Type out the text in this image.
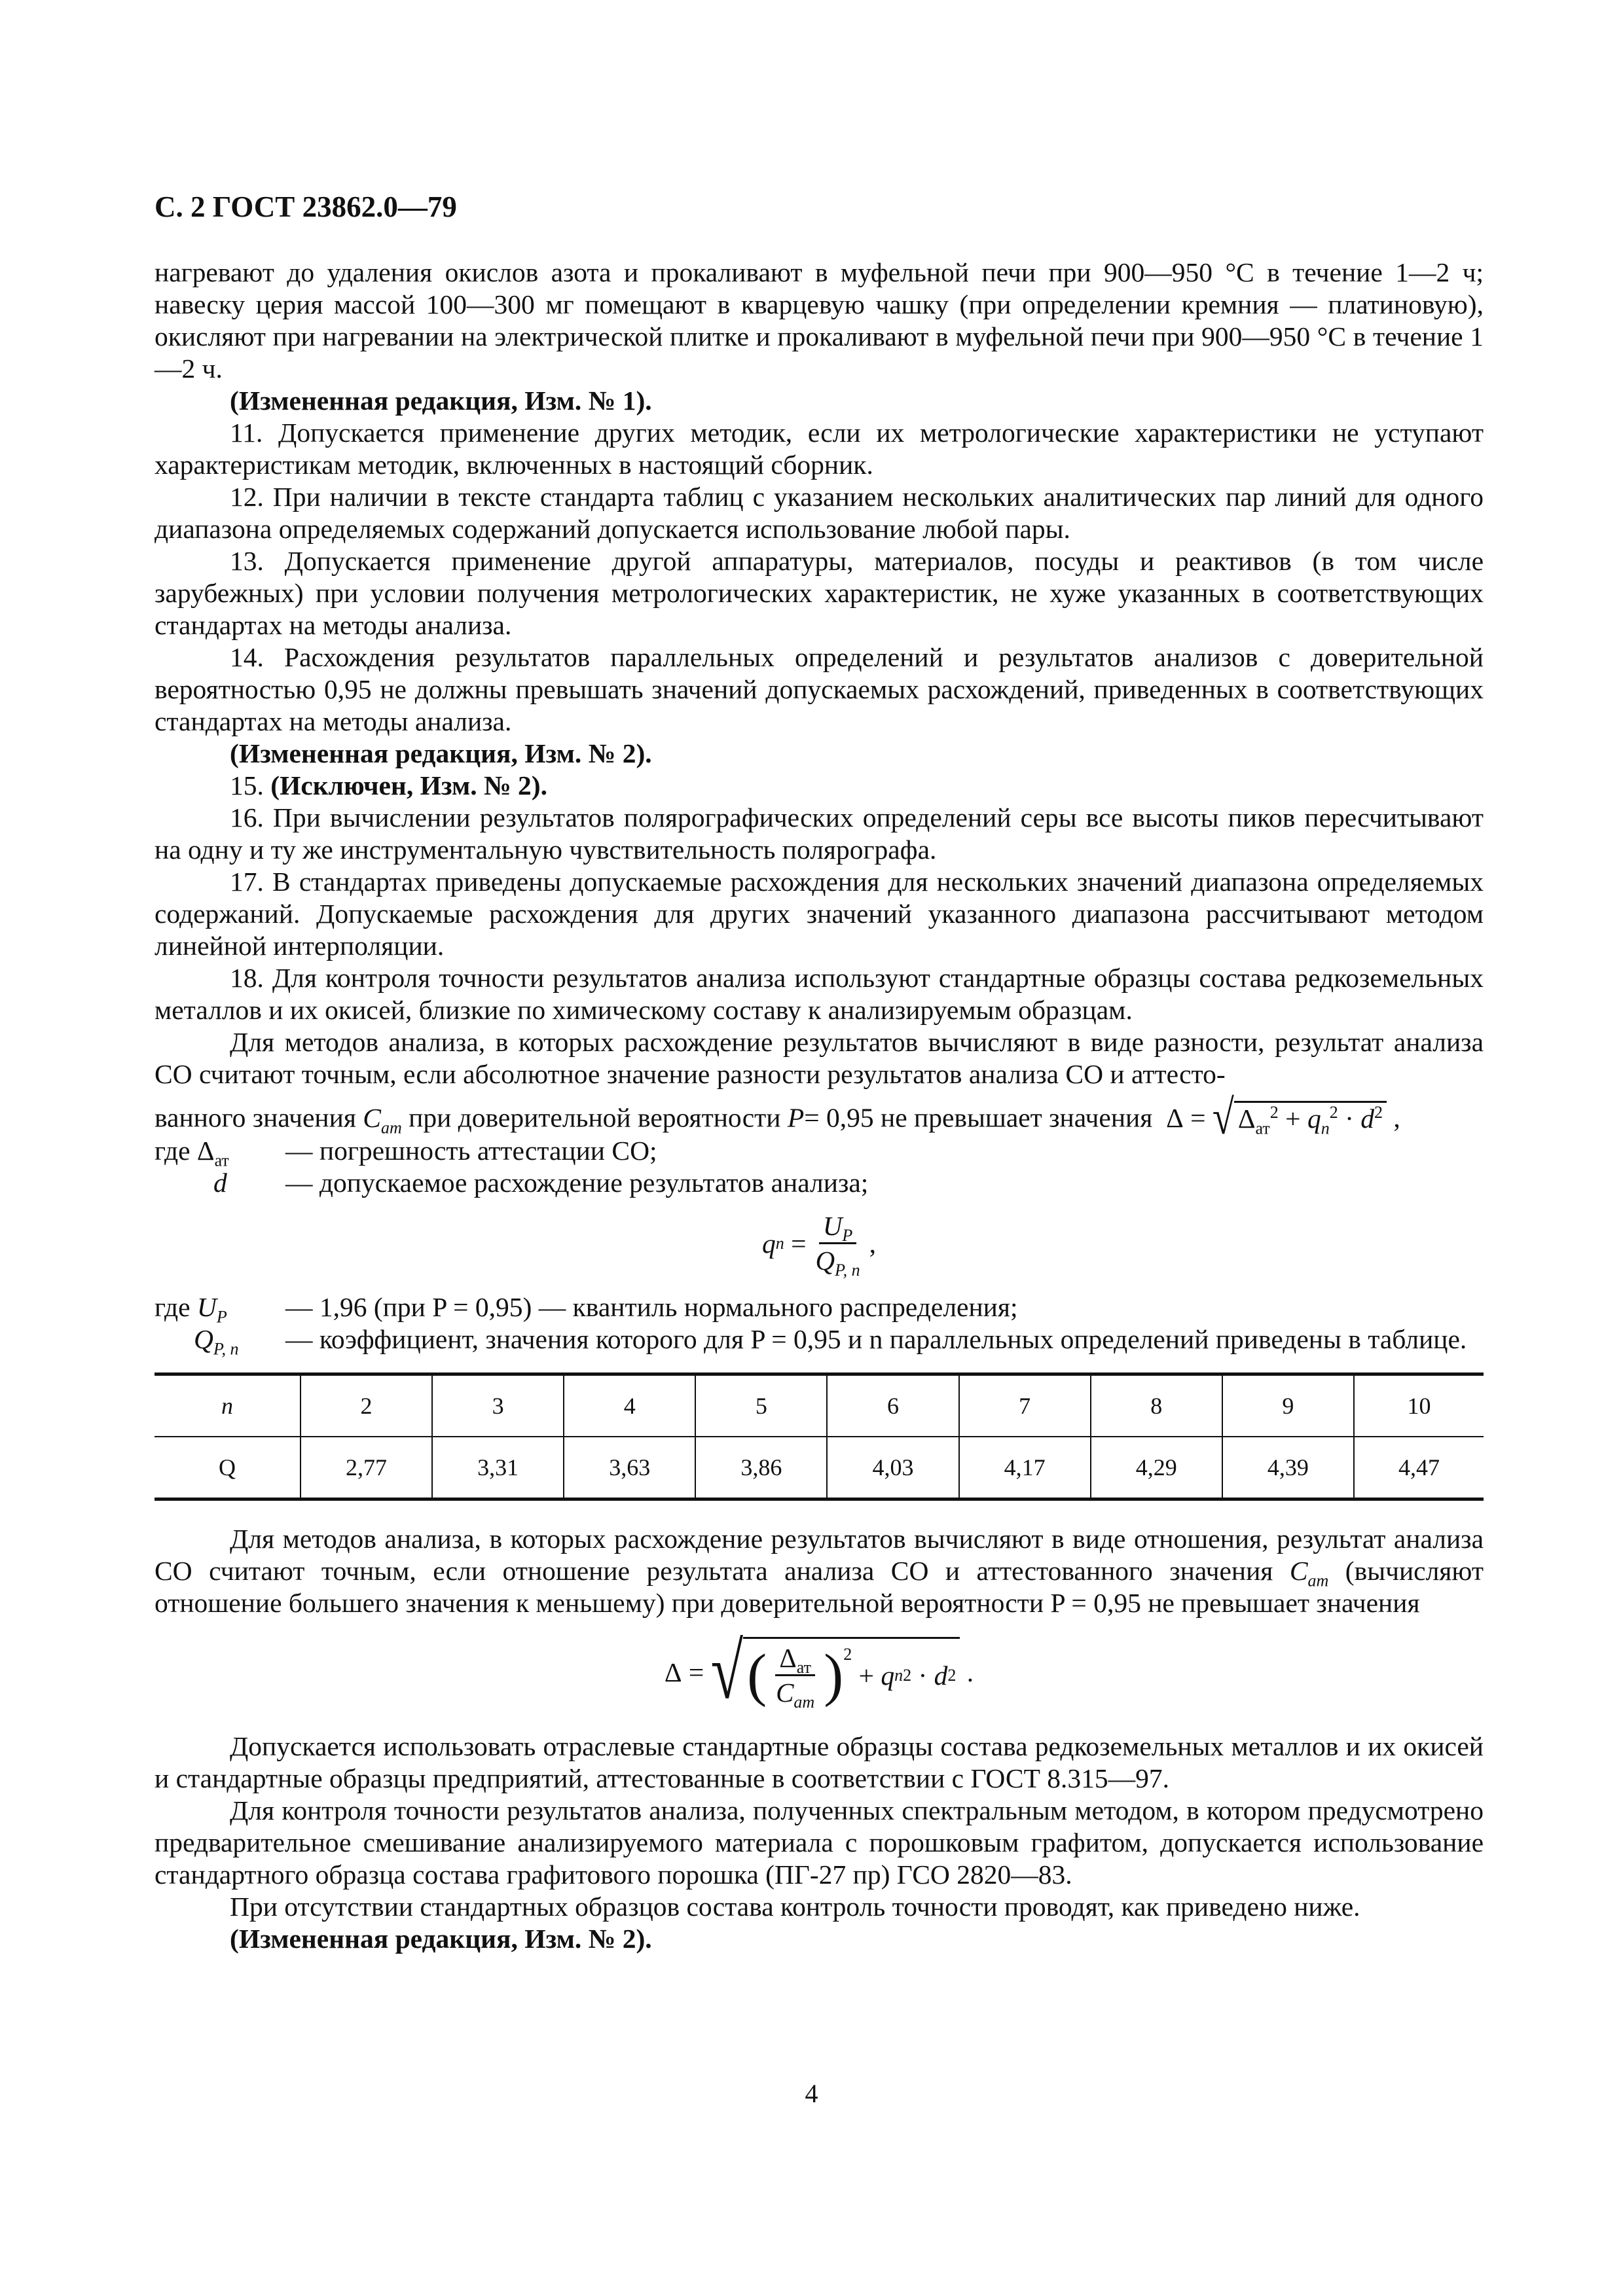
С. 2 ГОСТ 23862.0—79

нагревают до удаления окислов азота и прокаливают в муфельной печи при 900—950 °С в течение 1—2 ч; навеску церия массой 100—300 мг помещают в кварцевую чашку (при определении кремния — платиновую), окисляют при нагревании на электрической плитке и прокаливают в муфельной печи при 900—950 °С в течение 1—2 ч.

(Измененная редакция, Изм. № 1).

11. Допускается применение других методик, если их метрологические характеристики не уступают характеристикам методик, включенных в настоящий сборник.

12. При наличии в тексте стандарта таблиц с указанием нескольких аналитических пар линий для одного диапазона определяемых содержаний допускается использование любой пары.

13. Допускается применение другой аппаратуры, материалов, посуды и реактивов (в том числе зарубежных) при условии получения метрологических характеристик, не хуже указанных в соответствующих стандартах на методы анализа.

14. Расхождения результатов параллельных определений и результатов анализов с доверительной вероятностью 0,95 не должны превышать значений допускаемых расхождений, приведенных в соответствующих стандартах на методы анализа.

(Измененная редакция, Изм. № 2).

15. (Исключен, Изм. № 2).

16. При вычислении результатов полярографических определений серы все высоты пиков пересчитывают на одну и ту же инструментальную чувствительность полярографа.

17. В стандартах приведены допускаемые расхождения для нескольких значений диапазона определяемых содержаний. Допускаемые расхождения для других значений указанного диапазона рассчитывают методом линейной интерполяции.

18. Для контроля точности результатов анализа используют стандартные образцы состава редкоземельных металлов и их окисей, близкие по химическому составу к анализируемым образцам.

Для методов анализа, в которых расхождение результатов вычисляют в виде разности, результат анализа СО считают точным, если абсолютное значение разности результатов анализа СО и аттесто-

ванного значения $C_{ат}$ при доверительной вероятности P= 0,95 не превышает значения Δ = √ $\Delta_{ат}^2 + q_n^2 \cdot d^2$ ,

где $\Delta_{ат}$	— погрешность аттестации СО;
d	— допускаемое расхождение результатов анализа;
q $n = \frac{U_P}{Q_{P, n}}$ ,
где $U_P$	— 1,96 (при P = 0,95) — квантиль нормального распределения;
$Q_{P, n}$	— коэффициент, значения которого для P = 0,95 и n параллельных определений приведены в таблице.
n	2	3	4	5	6	7	8	9	10
Q	2,77	3,31	3,63	3,86	4,03	4,17	4,29	4,39	4,47

Для методов анализа, в которых расхождение результатов вычисляют в виде отношения, результат анализа СО считают точным, если отношение результата анализа СО и аттестованного значения $C_{ат}$ (вычисляют отношение большего значения к меньшему) при доверительной вероятности P = 0,95 не превышает значения

Δ = √ ( $\frac{\Delta_{ат}}{C_{ат}} )^2$
+ q n 2 · d 2 .

Допускается использовать отраслевые стандартные образцы состава редкоземельных металлов и их окисей и стандартные образцы предприятий, аттестованные в соответствии с ГОСТ 8.315—97.

Для контроля точности результатов анализа, полученных спектральным методом, в котором предусмотрено предварительное смешивание анализируемого материала с порошковым графитом, допускается использование стандартного образца состава графитового порошка (ПГ-27 пр) ГСО 2820—83.

При отсутствии стандартных образцов состава контроль точности проводят, как приведено ниже.

(Измененная редакция, Изм. № 2).

4
